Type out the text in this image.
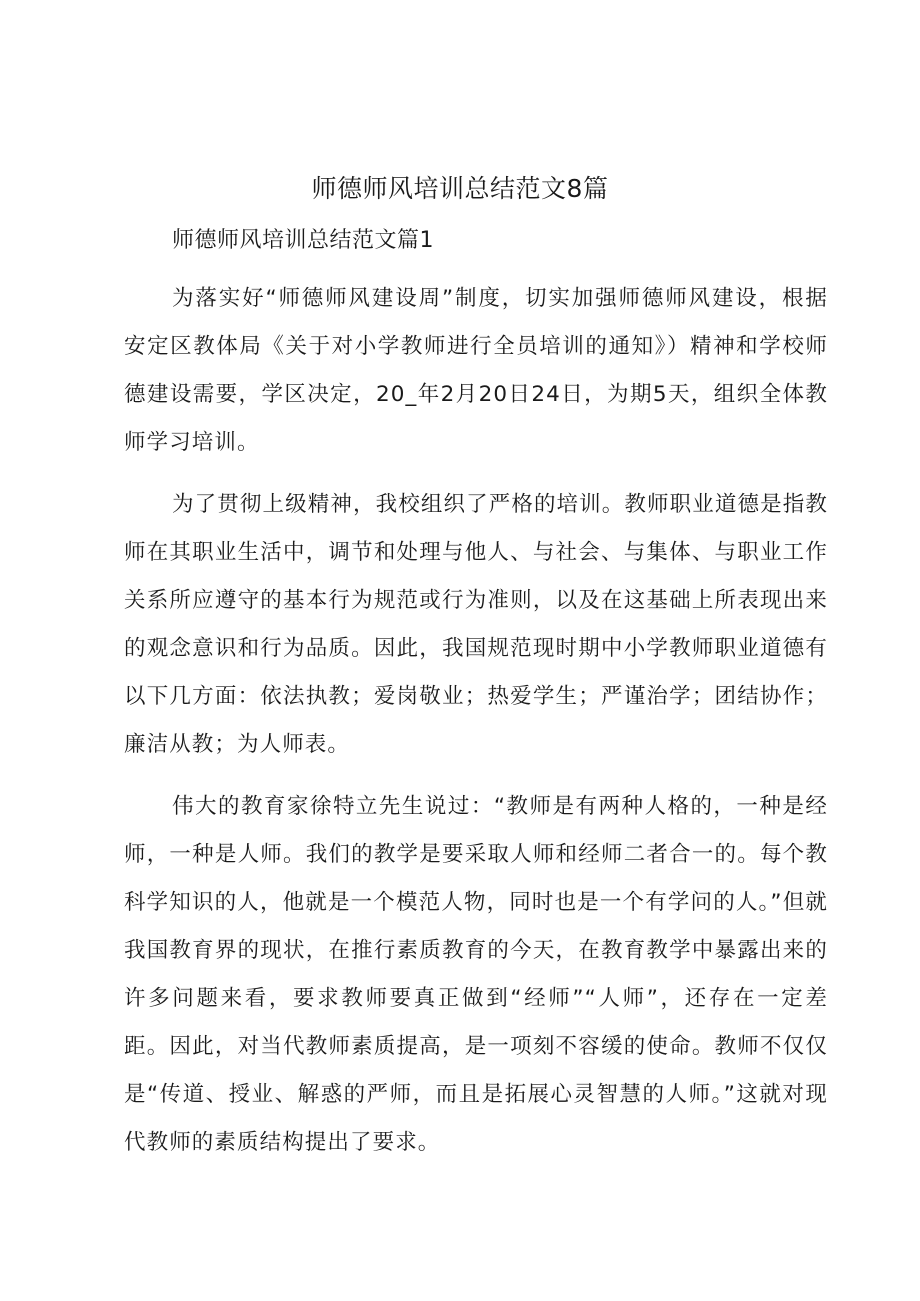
师德师风培训总结范文8篇

师德师风培训总结范文篇1

为落实好“师德师风建设周”制度，切实加强师德师风建设，根据安定区教体局《关于对小学教师进行全员培训的通知》）精神和学校师德建设需要，学区决定，20_年2月20日24日，为期5天，组织全体教师学习培训。

为了贯彻上级精神，我校组织了严格的培训。教师职业道德是指教师在其职业生活中，调节和处理与他人、与社会、与集体、与职业工作关系所应遵守的基本行为规范或行为准则，以及在这基础上所表现出来的观念意识和行为品质。因此，我国规范现时期中小学教师职业道德有以下几方面：依法执教；爱岗敬业；热爱学生；严谨治学；团结协作；廉洁从教；为人师表。

伟大的教育家徐特立先生说过：“教师是有两种人格的，一种是经师，一种是人师。我们的教学是要采取人师和经师二者合一的。每个教科学知识的人，他就是一个模范人物，同时也是一个有学问的人。”但就我国教育界的现状，在推行素质教育的今天，在教育教学中暴露出来的许多问题来看，要求教师要真正做到“经师”“人师”，还存在一定差距。因此，对当代教师素质提高，是一项刻不容缓的使命。教师不仅仅是“传道、授业、解惑的严师，而且是拓展心灵智慧的人师。”这就对现代教师的素质结构提出了要求。
